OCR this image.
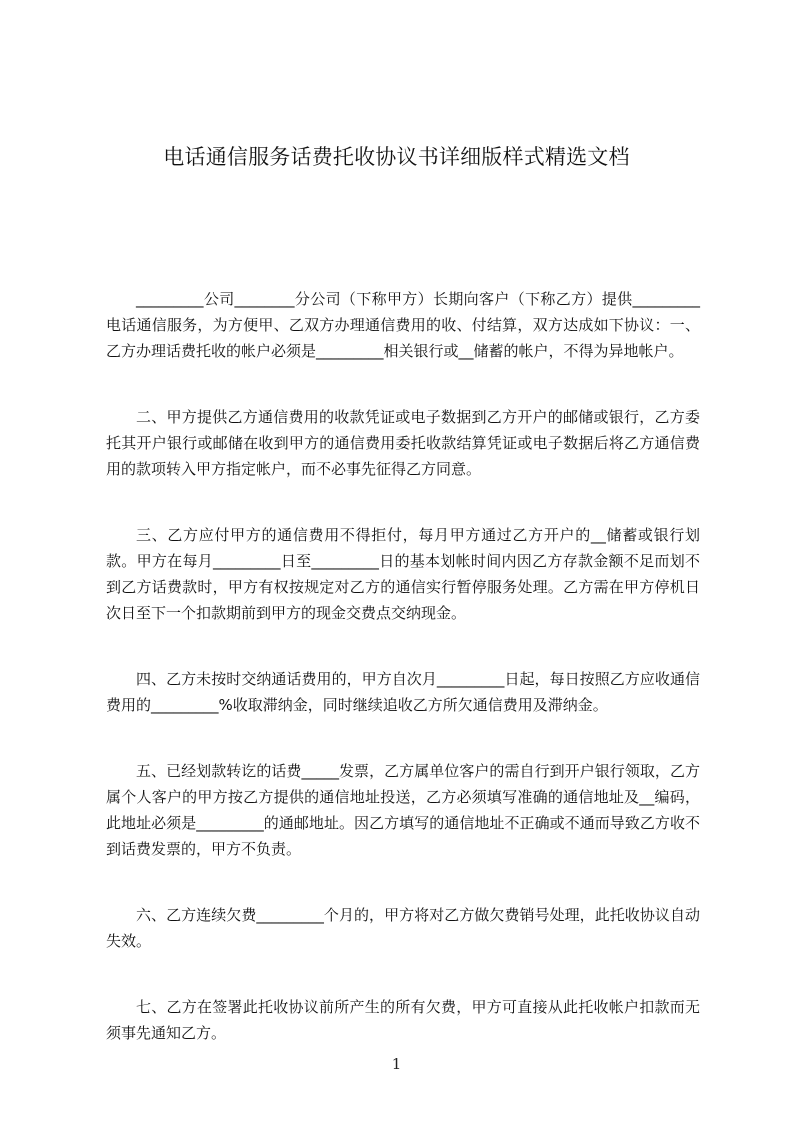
电话通信服务话费托收协议书详细版样式精选文档

_________公司________分公司（下称甲方）长期向客户（下称乙方）提供_________电话通信服务，为方便甲、乙双方办理通信费用的收、付结算，双方达成如下协议：一、乙方办理话费托收的帐户必须是_________相关银行或__储蓄的帐户，不得为异地帐户。

二、甲方提供乙方通信费用的收款凭证或电子数据到乙方开户的邮储或银行，乙方委托其开户银行或邮储在收到甲方的通信费用委托收款结算凭证或电子数据后将乙方通信费用的款项转入甲方指定帐户，而不必事先征得乙方同意。

三、乙方应付甲方的通信费用不得拒付，每月甲方通过乙方开户的__储蓄或银行划款。甲方在每月_________日至_________日的基本划帐时间内因乙方存款金额不足而划不到乙方话费款时，甲方有权按规定对乙方的通信实行暂停服务处理。乙方需在甲方停机日次日至下一个扣款期前到甲方的现金交费点交纳现金。

四、乙方未按时交纳通话费用的，甲方自次月_________日起，每日按照乙方应收通信费用的_________%收取滞纳金，同时继续追收乙方所欠通信费用及滞纳金。

五、已经划款转讫的话费_____发票，乙方属单位客户的需自行到开户银行领取，乙方属个人客户的甲方按乙方提供的通信地址投送，乙方必须填写准确的通信地址及__编码，此地址必须是_________的通邮地址。因乙方填写的通信地址不正确或不通而导致乙方收不到话费发票的，甲方不负责。

六、乙方连续欠费_________个月的，甲方将对乙方做欠费销号处理，此托收协议自动失效。

七、乙方在签署此托收协议前所产生的所有欠费，甲方可直接从此托收帐户扣款而无须事先通知乙方。

1
